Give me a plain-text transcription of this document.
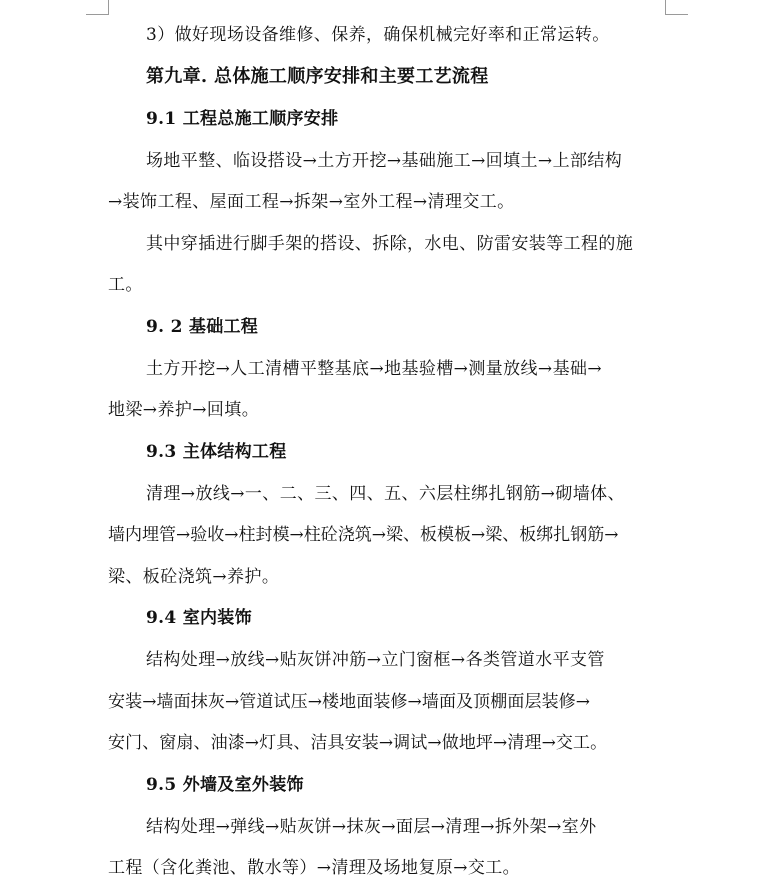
3）做好现场设备维修、保养，确保机械完好率和正常运转。
第九章. 总体施工顺序安排和主要工艺流程
9.1 工程总施工顺序安排
场地平整、临设搭设→土方开挖→基础施工→回填土→上部结构
→装饰工程、屋面工程→拆架→室外工程→清理交工。
其中穿插进行脚手架的搭设、拆除，水电、防雷安装等工程的施
工。
9. 2 基础工程
土方开挖→人工清槽平整基底→地基验槽→测量放线→基础→
地梁→养护→回填。
9.3 主体结构工程
清理→放线→一、二、三、四、五、六层柱绑扎钢筋→砌墙体、
墙内埋管→验收→柱封模→柱砼浇筑→梁、板模板→梁、板绑扎钢筋→
梁、板砼浇筑→养护。
9.4 室内装饰
结构处理→放线→贴灰饼冲筋→立门窗框→各类管道水平支管
安装→墙面抹灰→管道试压→楼地面装修→墙面及顶棚面层装修→
安门、窗扇、油漆→灯具、洁具安装→调试→做地坪→清理→交工。
9.5 外墙及室外装饰
结构处理→弹线→贴灰饼→抹灰→面层→清理→拆外架→室外
工程（含化粪池、散水等）→清理及场地复原→交工。
